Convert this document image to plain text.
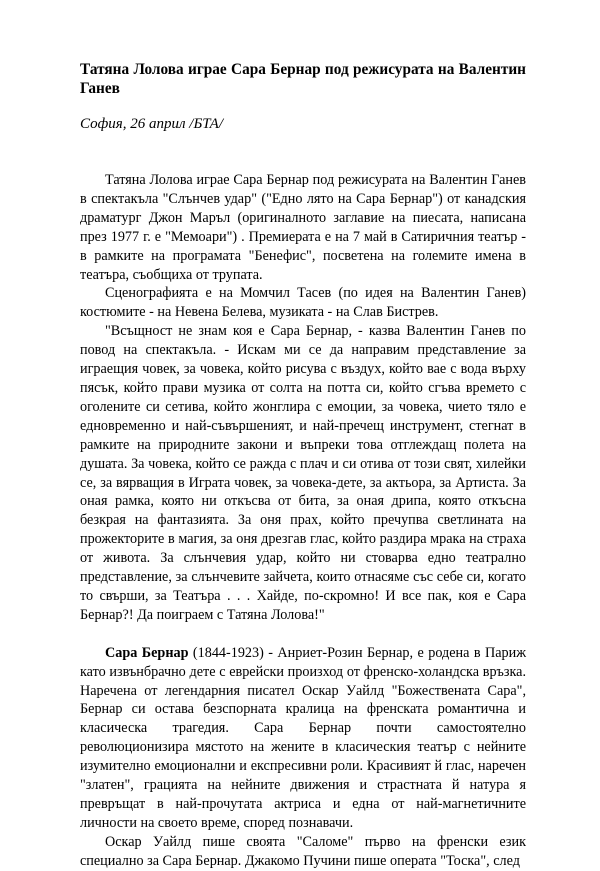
Татяна Лолова играе Сара Бернар под режисурата на Валентин Ганев
София, 26 април /БТА/

Татяна Лолова играе Сара Бернар под режисурата на Валентин Ганев в спектакъла "Слънчев удар" ("Едно лято на Сара Бернар") от канадския драматург Джон Маръл (оригиналното заглавие на пиесата, написана през 1977 г. е "Мемоари") . Премиерата е на 7 май в Сатиричния театър - в рамките на програмата "Бенефис", посветена на големите имена в театъра, съобщиха от трупата.

Сценографията е на Момчил Тасев (по идея на Валентин Ганев) костюмите - на Невена Белева, музиката - на Слав Бистрев.

"Всъщност не знам коя е Сара Бернар, - казва Валентин Ганев по повод на спектакъла. - Искам ми се да направим представление за играещия човек, за човека, който рисува с въздух, който вае с вода върху пясък, който прави музика от солта на потта си, който сгъва времето с оголените си сетива, който жонглира с емоции, за човека, чието тяло е едновременно и най-съвършеният, и най-пречещ инструмент, стегнат в рамките на природните закони и въпреки това отглеждащ полета на душата. За човека, който се ражда с плач и си отива от този свят, хилейки се, за вярващия в Играта човек, за човека-дете, за актьора, за Артиста. За оная рамка, която ни откъсва от бита, за оная дрипа, която откъсна безкрая на фантазията. За оня прах, който пречупва светлината на прожекторите в магия, за оня дрезгав глас, който раздира мрака на страха от живота. За слънчевия удар, който ни стоварва едно театрално представление, за слънчевите зайчета, които отнасяме със себе си, когато то свърши, за Театъра . . . Хайде, по-скромно! И все пак, коя е Сара Бернар?! Да поиграем с Татяна Лолова!"

Сара Бернар (1844-1923) - Анриет-Розин Бернар, е родена в Париж като извънбрачно дете с еврейски произход от френско-холандска връзка. Наречена от легендарния писател Оскар Уайлд "Божествената Сара", Бернар си остава безспорната кралица на френската романтична и класическа трагедия. Сара Бернар почти самостоятелно революционизира мястото на жените в класическия театър с нейните изумително емоционални и експресивни роли. Красивият й глас, наречен "златен", грацията на нейните движения и страстната й натура я превръщат в най-прочутата актриса и една от най-магнетичните личности на своето време, според познавачи.

Оскар Уайлд пише своята "Саломе" първо на френски език специално за Сара Бернар. Джакомо Пучини пише операта "Тоска", след
